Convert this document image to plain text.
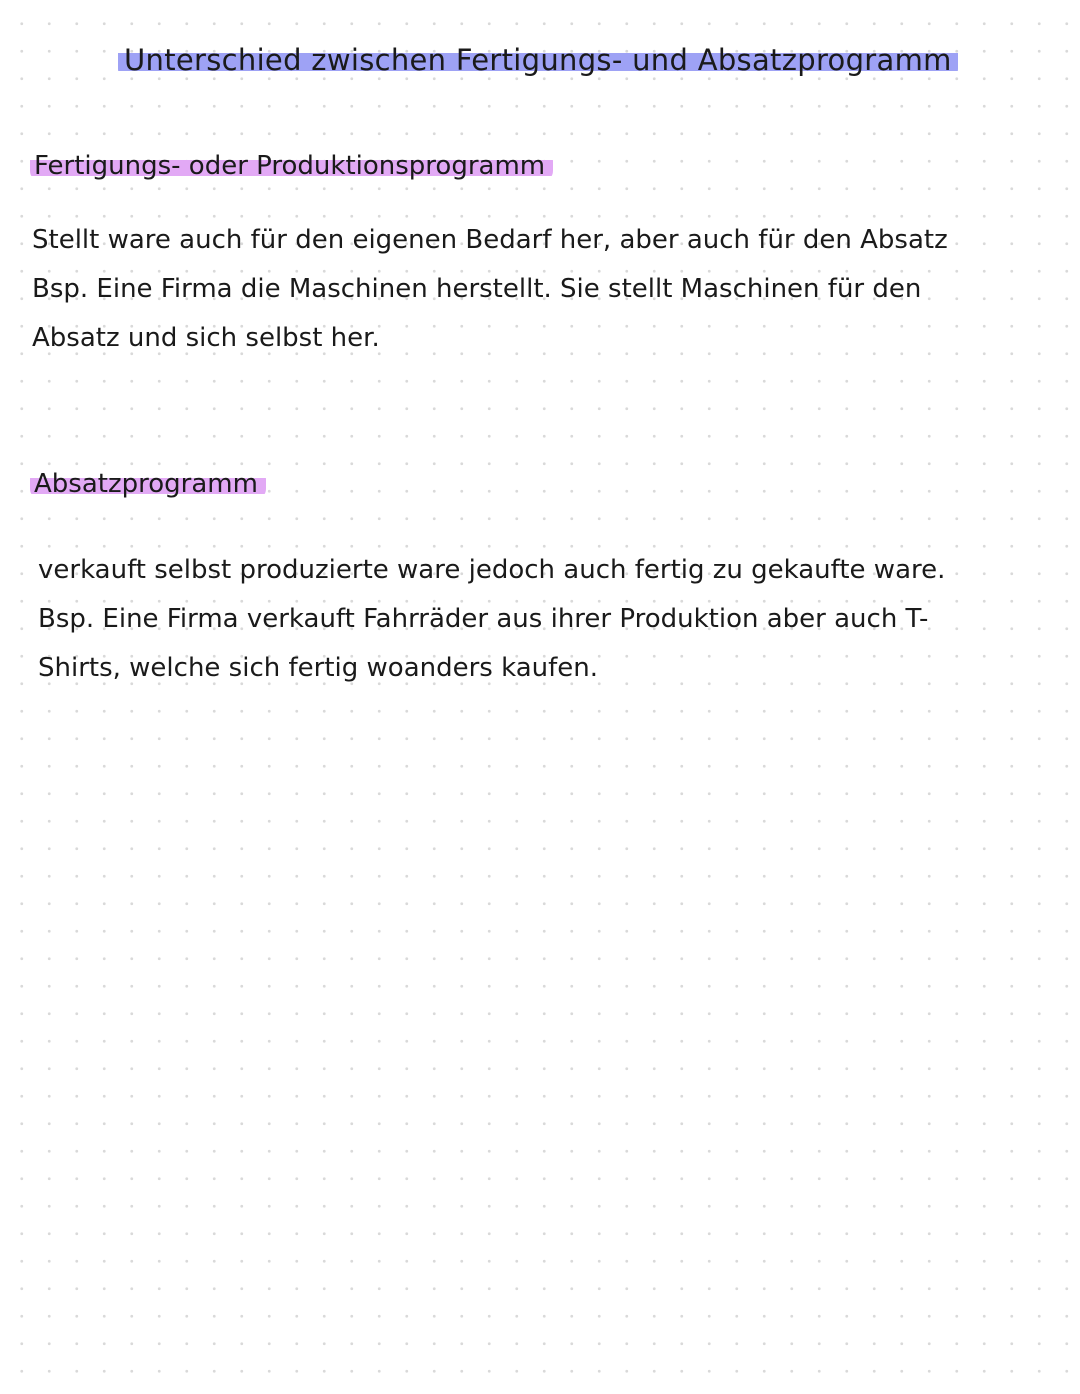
Unterschied zwischen Fertigungs- und Absatzprogramm
Fertigungs- oder Produktionsprogramm
Stellt ware auch für den eigenen Bedarf her, aber auch für den Absatz
Bsp. Eine Firma die Maschinen herstellt. Sie stellt Maschinen für den
Absatz und sich selbst her.
Absatzprogramm
verkauft selbst produzierte ware jedoch auch fertig zu gekaufte ware.
Bsp. Eine Firma verkauft Fahrräder aus ihrer Produktion aber auch T-
Shirts, welche sich fertig woanders kaufen.
